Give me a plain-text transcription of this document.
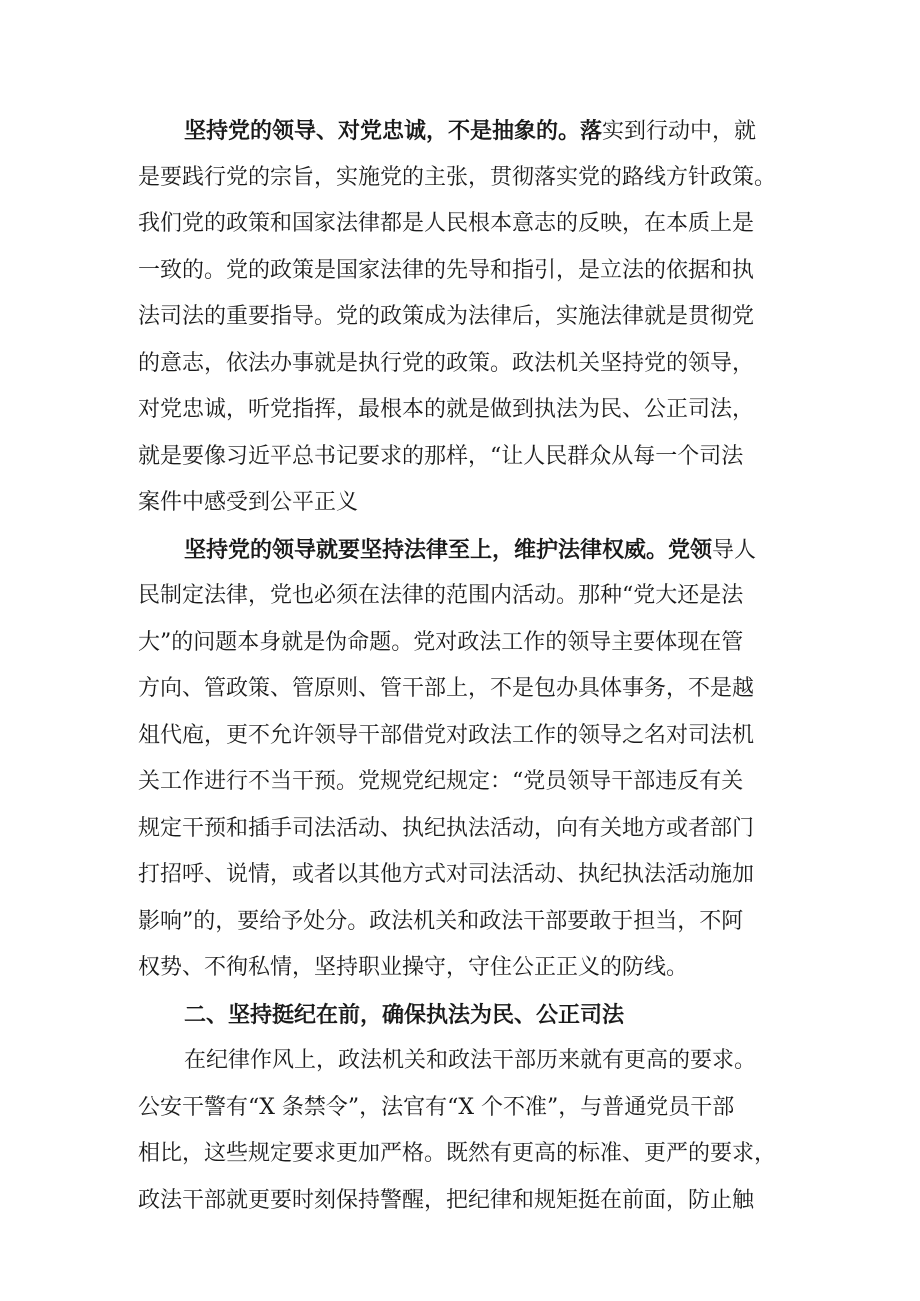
坚持党的领导、对党忠诚，不是抽象的。落实到行动中，就
是要践行党的宗旨，实施党的主张，贯彻落实党的路线方针政策。
我们党的政策和国家法律都是人民根本意志的反映，在本质上是
一致的。党的政策是国家法律的先导和指引，是立法的依据和执
法司法的重要指导。党的政策成为法律后，实施法律就是贯彻党
的意志，依法办事就是执行党的政策。政法机关坚持党的领导，
对党忠诚，听党指挥，最根本的就是做到执法为民、公正司法，
就是要像习近平总书记要求的那样，“让人民群众从每一个司法
案件中感受到公平正义
坚持党的领导就要坚持法律至上，维护法律权威。党领导人
民制定法律，党也必须在法律的范围内活动。那种“党大还是法
大”的问题本身就是伪命题。党对政法工作的领导主要体现在管
方向、管政策、管原则、管干部上，不是包办具体事务，不是越
俎代庖，更不允许领导干部借党对政法工作的领导之名对司法机
关工作进行不当干预。党规党纪规定：“党员领导干部违反有关
规定干预和插手司法活动、执纪执法活动，向有关地方或者部门
打招呼、说情，或者以其他方式对司法活动、执纪执法活动施加
影响”的，要给予处分。政法机关和政法干部要敢于担当，不阿
权势、不徇私情，坚持职业操守，守住公正正义的防线。
二、坚持挺纪在前，确保执法为民、公正司法
在纪律作风上，政法机关和政法干部历来就有更高的要求。
公安干警有“X 条禁令”，法官有“X 个不准”，与普通党员干部
相比，这些规定要求更加严格。既然有更高的标准、更严的要求，
政法干部就更要时刻保持警醒，把纪律和规矩挺在前面，防止触
